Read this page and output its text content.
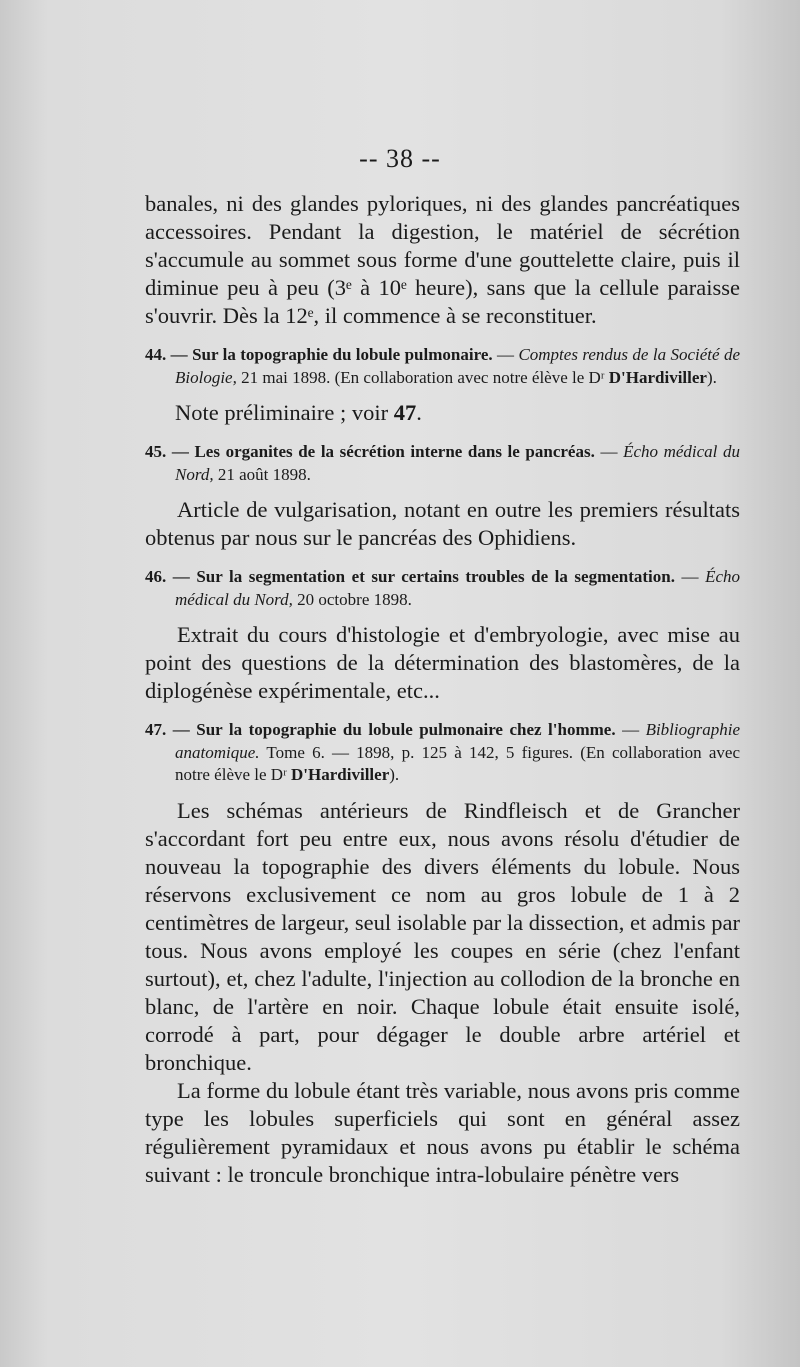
-- 38 --

banales, ni des glandes pyloriques, ni des glandes pancréatiques accessoires. Pendant la digestion, le matériel de sécrétion s'accumule au sommet sous forme d'une gouttelette claire, puis il diminue peu à peu (3ᵉ à 10ᵉ heure), sans que la cellule paraisse s'ouvrir. Dès la 12ᵉ, il commence à se reconstituer.

44. — Sur la topographie du lobule pulmonaire. — Comptes rendus de la Société de Biologie, 21 mai 1898. (En collaboration avec notre élève le Dʳ D'Hardiviller).

Note préliminaire ; voir 47.

45. — Les organites de la sécrétion interne dans le pancréas. — Écho médical du Nord, 21 août 1898.

Article de vulgarisation, notant en outre les premiers résultats obtenus par nous sur le pancréas des Ophidiens.

46. — Sur la segmentation et sur certains troubles de la segmentation. — Écho médical du Nord, 20 octobre 1898.

Extrait du cours d'histologie et d'embryologie, avec mise au point des questions de la détermination des blastomères, de la diplogénèse expérimentale, etc...

47. — Sur la topographie du lobule pulmonaire chez l'homme. — Bibliographie anatomique. Tome 6. — 1898, p. 125 à 142, 5 figures. (En collaboration avec notre élève le Dʳ D'Hardiviller).

Les schémas antérieurs de Rindfleisch et de Grancher s'accordant fort peu entre eux, nous avons résolu d'étudier de nouveau la topographie des divers éléments du lobule. Nous réservons exclusivement ce nom au gros lobule de 1 à 2 centimètres de largeur, seul isolable par la dissection, et admis par tous. Nous avons employé les coupes en série (chez l'enfant surtout), et, chez l'adulte, l'injection au collodion de la bronche en blanc, de l'artère en noir. Chaque lobule était ensuite isolé, corrodé à part, pour dégager le double arbre artériel et bronchique.

La forme du lobule étant très variable, nous avons pris comme type les lobules superficiels qui sont en général assez régulièrement pyramidaux et nous avons pu établir le schéma suivant : le troncule bronchique intra-lobulaire pénètre vers
